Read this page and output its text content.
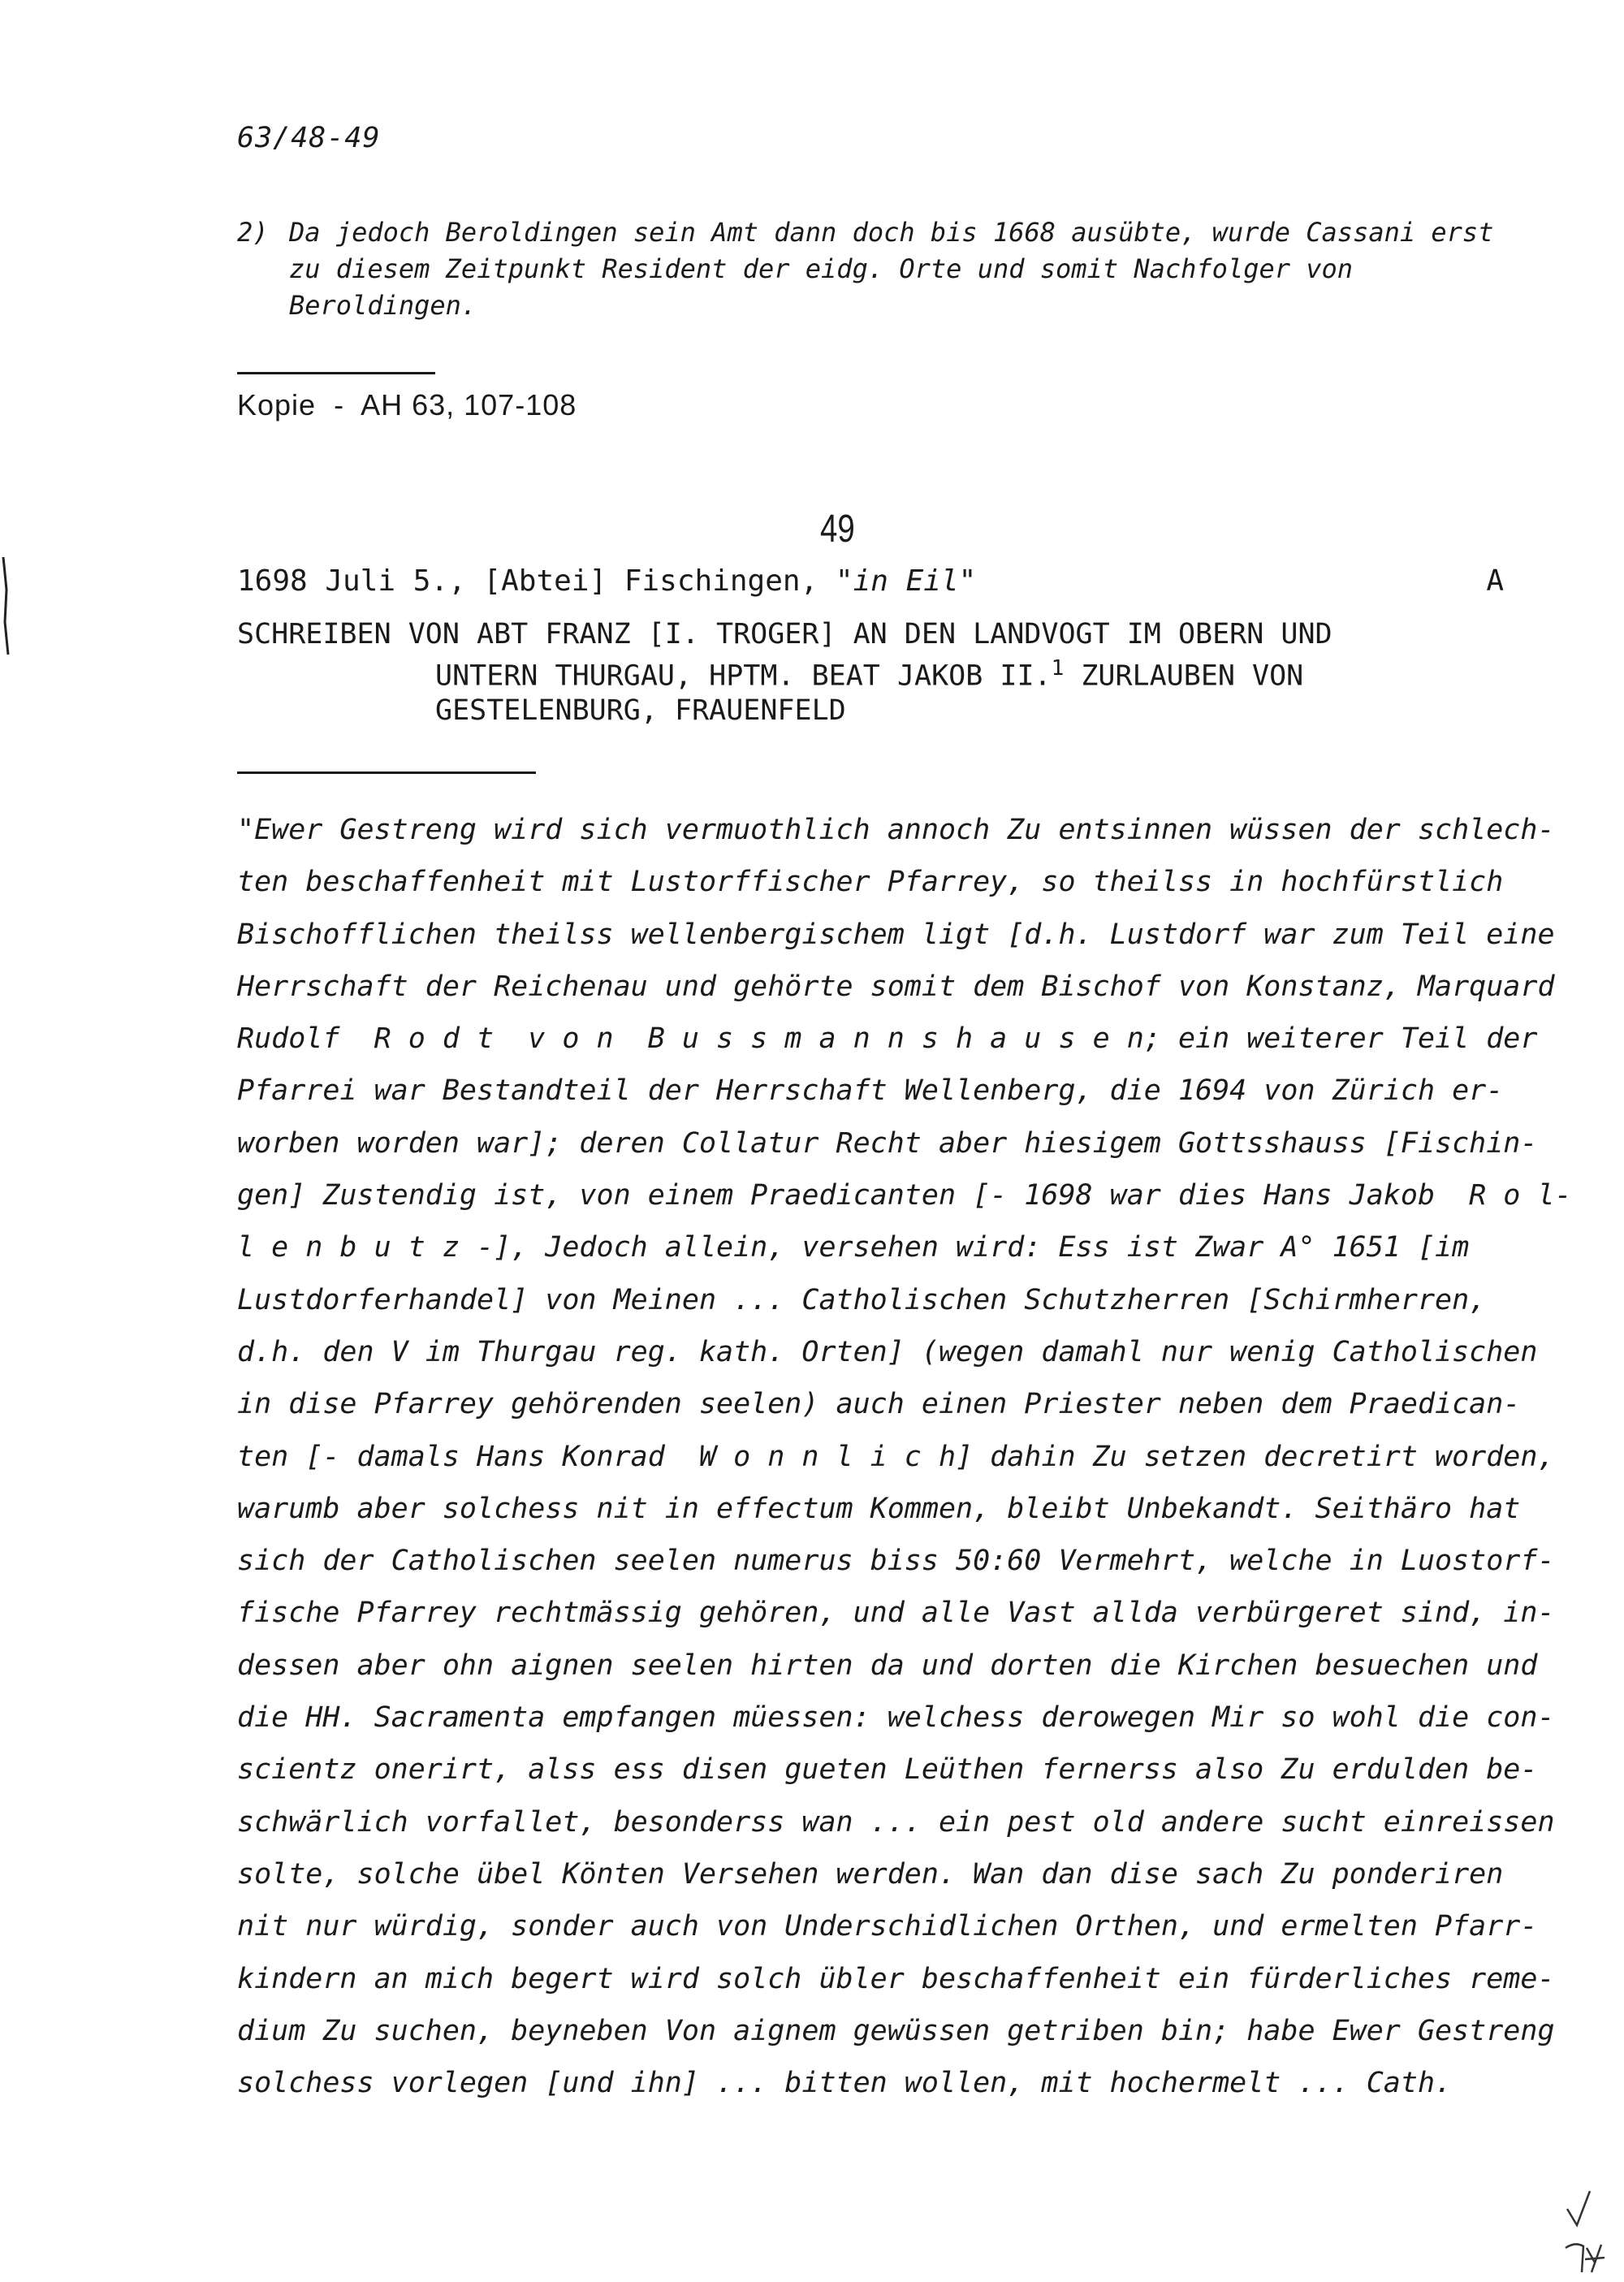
63/48-49
2) Da jedoch Beroldingen sein Amt dann doch bis 1668 ausübte, wurde Cassani erst zu diesem Zeitpunkt Resident der eidg. Orte und somit Nachfolger von Beroldingen.
Kopie  -  AH 63, 107-108
49
1698 Juli 5., [Abtei] Fischingen, "in Eil"	A
SCHREIBEN VON ABT FRANZ [I. TROGER] AN DEN LANDVOGT IM OBERN UND
UNTERN THURGAU, HPTM. BEAT JAKOB II.$^1$ ZURLAUBEN VON
GESTELENBURG, FRAUENFELD
"Ewer Gestreng wird sich vermuothlich annoch Zu entsinnen wüssen der schlech-
ten beschaffenheit mit Lustorffischer Pfarrey, so theilss in hochfürstlich
Bischofflichen theilss wellenbergischem ligt [d.h. Lustdorf war zum Teil eine
Herrschaft der Reichenau und gehörte somit dem Bischof von Konstanz, Marquard
Rudolf  R o d t  v o n  B u s s m a n n s h a u s e n; ein weiterer Teil der
Pfarrei war Bestandteil der Herrschaft Wellenberg, die 1694 von Zürich er-
worben worden war]; deren Collatur Recht aber hiesigem Gottsshauss [Fischin-
gen] Zustendig ist, von einem Praedicanten [- 1698 war dies Hans Jakob  R o l-
l e n b u t z -], Jedoch allein, versehen wird: Ess ist Zwar A° 1651 [im
Lustdorferhandel] von Meinen ... Catholischen Schutzherren [Schirmherren,
d.h. den V im Thurgau reg. kath. Orten] (wegen damahl nur wenig Catholischen
in dise Pfarrey gehörenden seelen) auch einen Priester neben dem Praedican-
ten [- damals Hans Konrad  W o n n l i c h] dahin Zu setzen decretirt worden,
warumb aber solchess nit in effectum Kommen, bleibt Unbekandt. Seithäro hat
sich der Catholischen seelen numerus biss 50:60 Vermehrt, welche in Luostorf-
fische Pfarrey rechtmässig gehören, und alle Vast allda verbürgeret sind, in-
dessen aber ohn aignen seelen hirten da und dorten die Kirchen besuechen und
die HH. Sacramenta empfangen müessen: welchess derowegen Mir so wohl die con-
scientz onerirt, alss ess disen gueten Leüthen fernerss also Zu erdulden be-
schwärlich vorfallet, besonderss wan ... ein pest old andere sucht einreissen
solte, solche übel Könten Versehen werden. Wan dan dise sach Zu ponderiren
nit nur würdig, sonder auch von Underschidlichen Orthen, und ermelten Pfarr-
kindern an mich begert wird solch übler beschaffenheit ein fürderliches reme-
dium Zu suchen, beyneben Von aignem gewüssen getriben bin; habe Ewer Gestreng
solchess vorlegen [und ihn] ... bitten wollen, mit hochermelt ... Cath.
